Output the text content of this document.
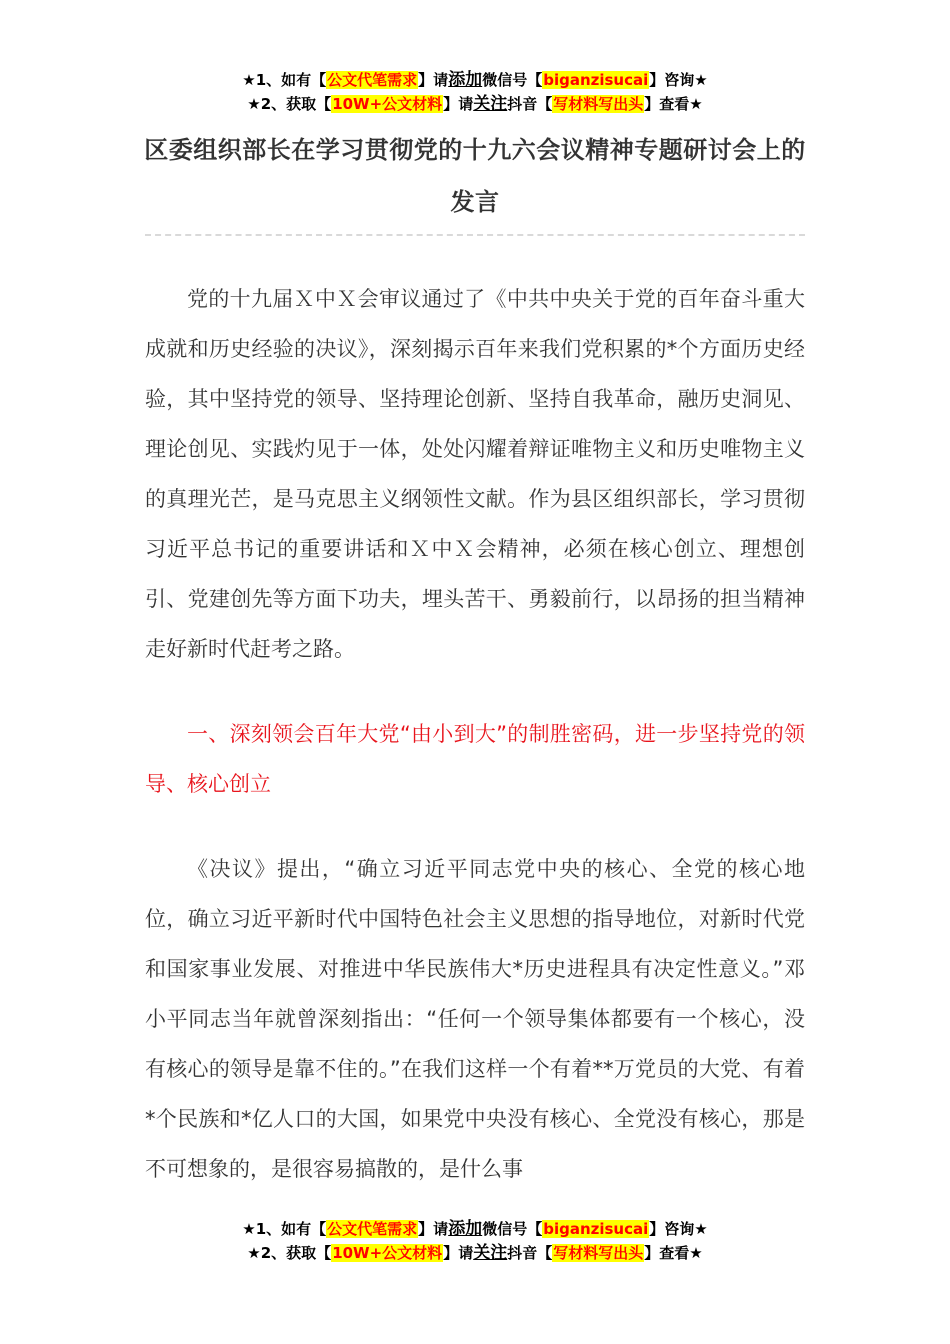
★1、如有【公文代笔需求】请添加微信号【biganzisucai】咨询★
★2、获取【10W+公文材料】请关注抖音【写材料写出头】查看★
区委组织部长在学习贯彻党的十九六会议精神专题研讨会上的发言

党的十九届Ｘ中Ｘ会审议通过了《中共中央关于党的百年奋斗重大成就和历史经验的决议》，深刻揭示百年来我们党积累的*个方面历史经验，其中坚持党的领导、坚持理论创新、坚持自我革命，融历史洞见、理论创见、实践灼见于一体，处处闪耀着辩证唯物主义和历史唯物主义的真理光芒，是马克思主义纲领性文献。作为县区组织部长，学习贯彻习近平总书记的重要讲话和Ｘ中Ｘ会精神，必须在核心创立、理想创引、党建创先等方面下功夫，埋头苦干、勇毅前行，以昂扬的担当精神走好新时代赶考之路。

一、深刻领会百年大党“由小到大”的制胜密码，进一步坚持党的领导、核心创立

《决议》提出，“确立习近平同志党中央的核心、全党的核心地位，确立习近平新时代中国特色社会主义思想的指导地位，对新时代党和国家事业发展、对推进中华民族伟大*历史进程具有决定性意义。”邓小平同志当年就曾深刻指出：“任何一个领导集体都要有一个核心，没有核心的领导是靠不住的。”在我们这样一个有着**万党员的大党、有着*个民族和*亿人口的大国，如果党中央没有核心、全党没有核心，那是不可想象的，是很容易搞散的，是什么事

★1、如有【公文代笔需求】请添加微信号【biganzisucai】咨询★
★2、获取【10W+公文材料】请关注抖音【写材料写出头】查看★
